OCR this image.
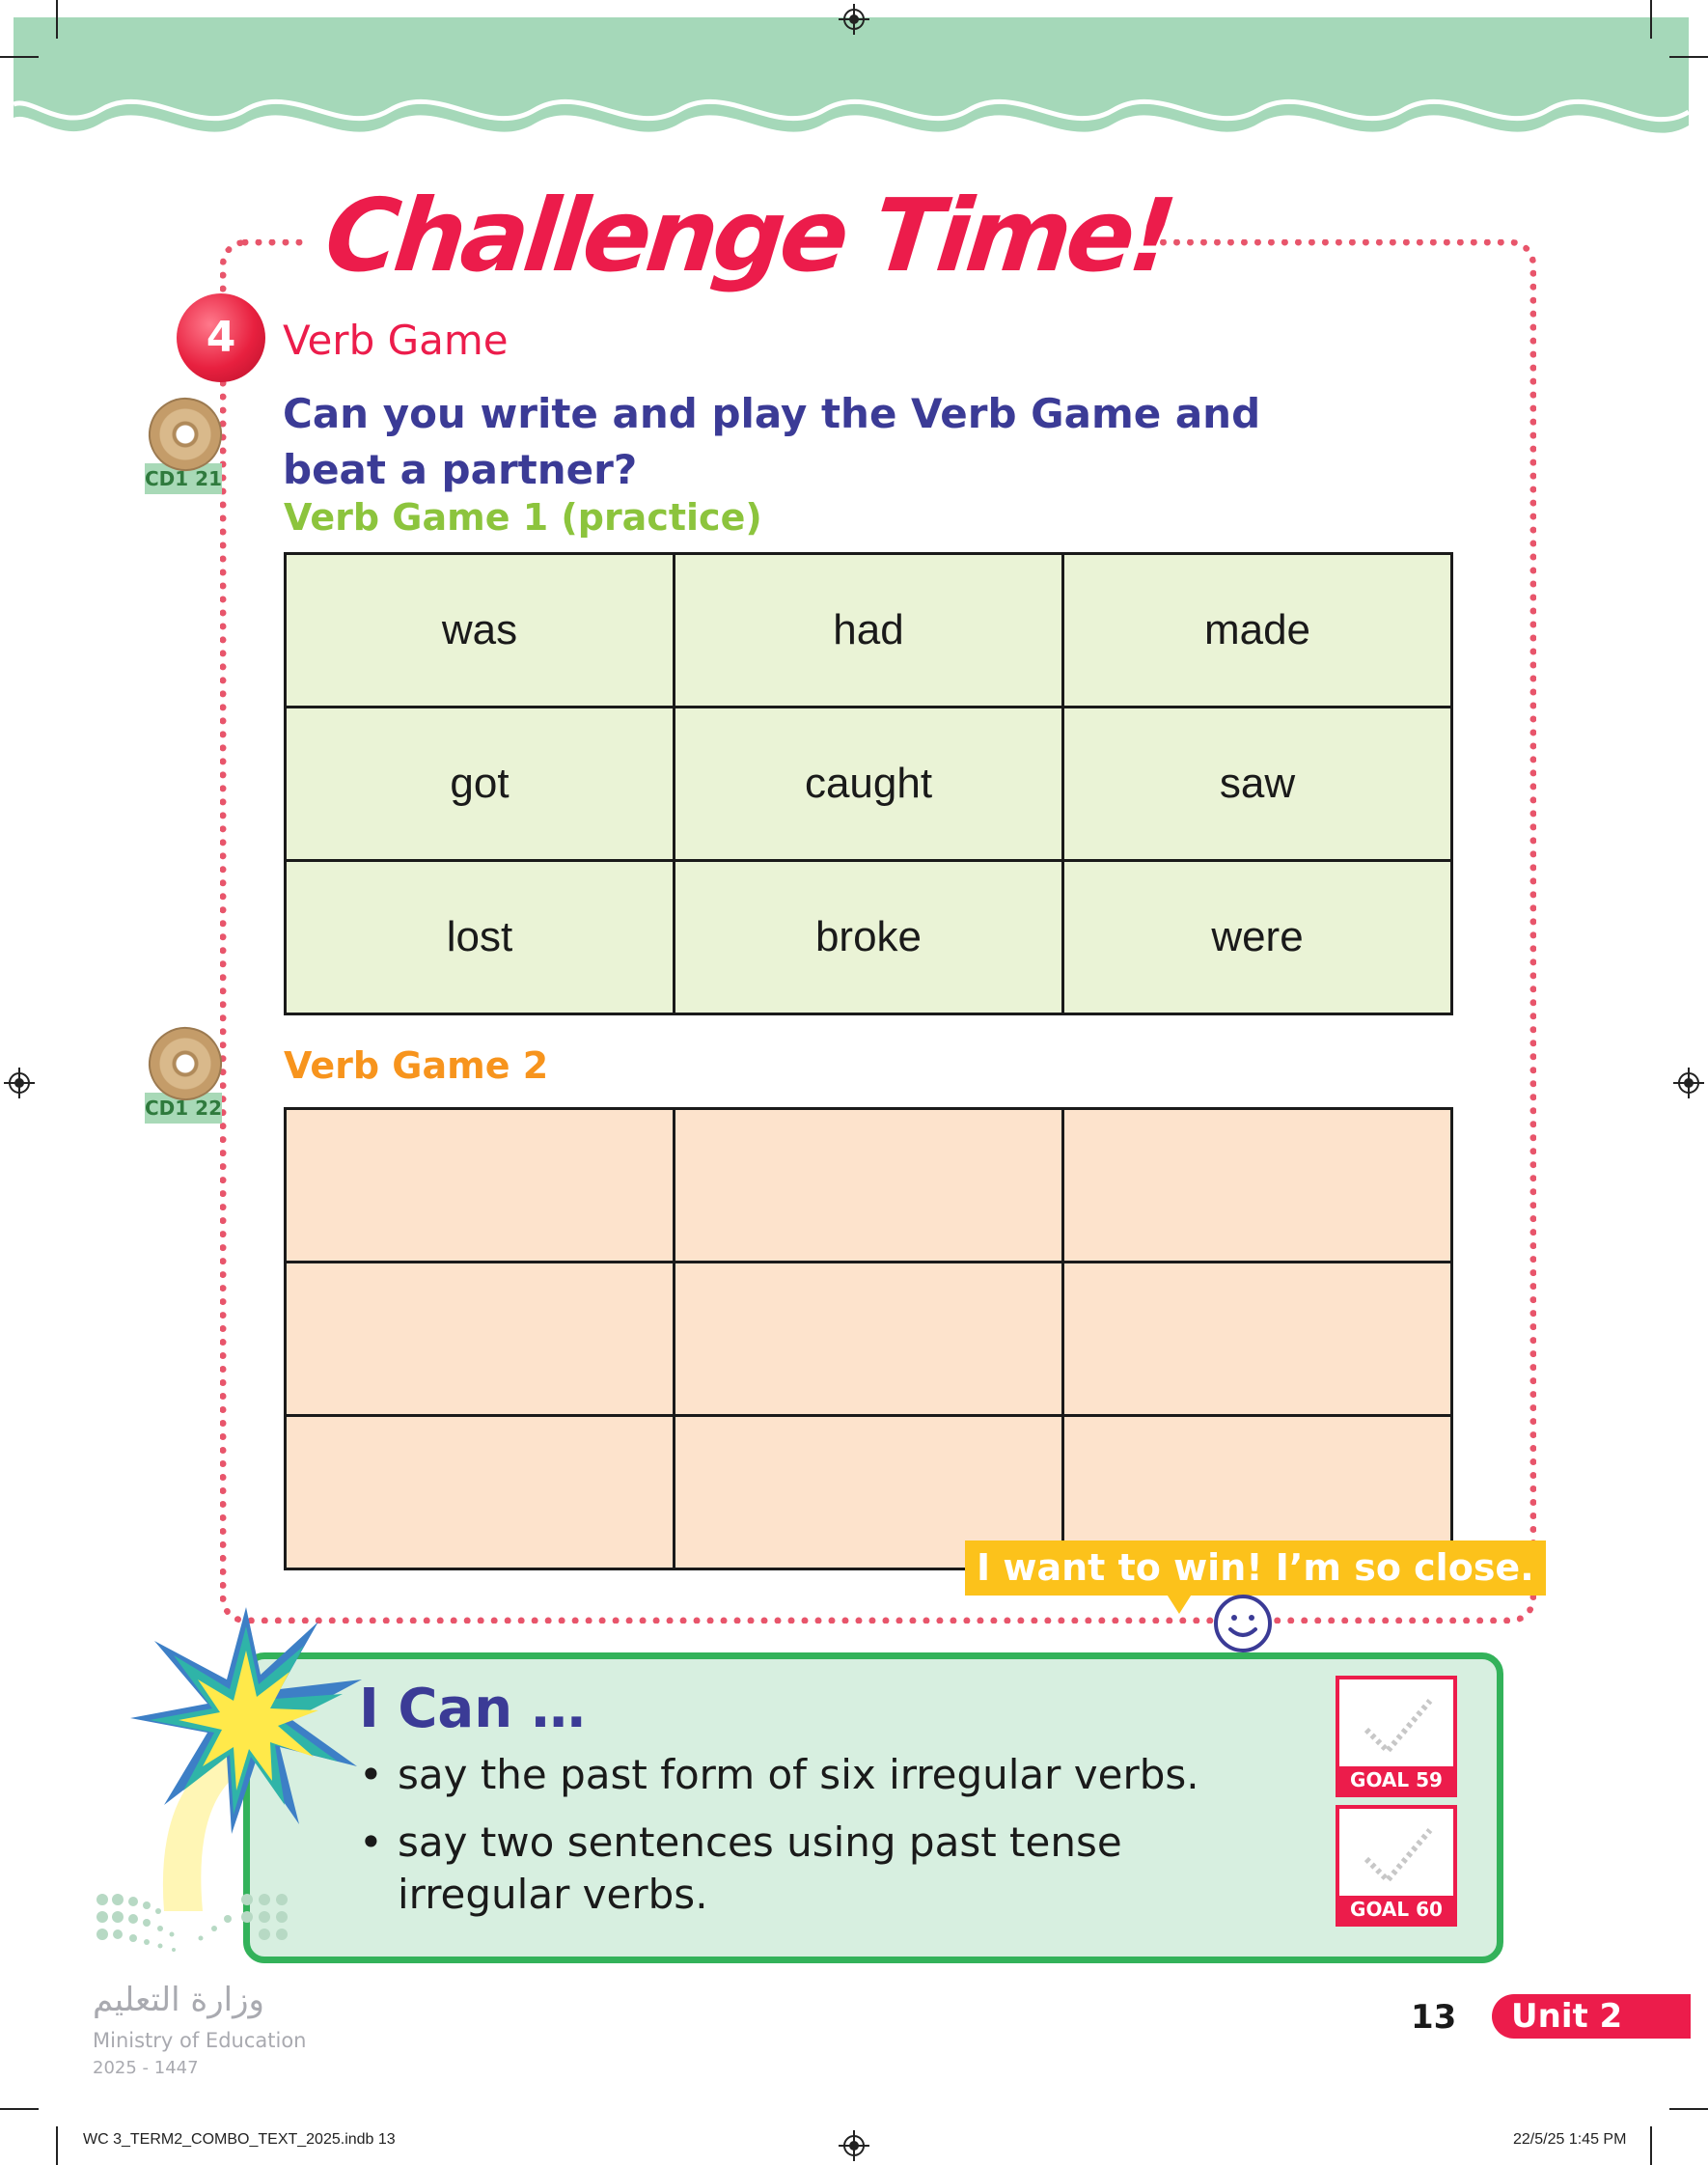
Challenge Time!
4	Verb Game
Can you write and play the Verb Game and beat a partner?
CD1 21
CD1 22
Verb Game 1 (practice)
was	had	made
got	caught	saw
lost	broke	were
Verb Game 2

I want to win! I’m so close.
I Can …
• say the past form of six irregular verbs.
• say two sentences using past tense irregular verbs.
GOAL 59
GOAL 60
وزارة التعليم
Ministry of Education
2025 - 1447
13	Unit 2
WC 3_TERM2_COMBO_TEXT_2025.indb 13	22/5/25 1:45 PM
